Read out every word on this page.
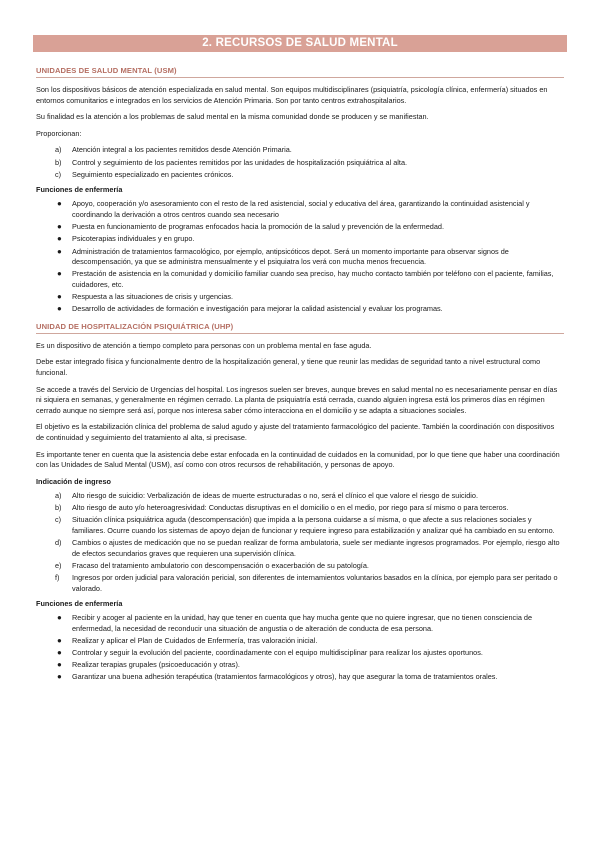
2. RECURSOS DE SALUD MENTAL
UNIDADES DE SALUD MENTAL (USM)

Son los dispositivos básicos de atención especializada en salud mental. Son equipos multidisciplinares (psiquiatría, psicología clínica, enfermería) situados en entornos comunitarios e integrados en los servicios de Atención Primaria. Son por tanto centros extrahospitalarios.

Su finalidad es la atención a los problemas de salud mental en la misma comunidad donde se producen y se manifiestan.

Proporcionan:

a) Atención integral a los pacientes remitidos desde Atención Primaria.
b) Control y seguimiento de los pacientes remitidos por las unidades de hospitalización psiquiátrica al alta.
c) Seguimiento especializado en pacientes crónicos.
Funciones de enfermería
● Apoyo, cooperación y/o asesoramiento con el resto de la red asistencial, social y educativa del área, garantizando la continuidad asistencial y coordinando la derivación a otros centros cuando sea necesario
● Puesta en funcionamiento de programas enfocados hacia la promoción de la salud y prevención de la enfermedad.
● Psicoterapias individuales y en grupo.
● Administración de tratamientos farmacológico, por ejemplo, antipsicóticos depot. Será un momento importante para observar signos de descompensación, ya que se administra mensualmente y el psiquiatra los verá con mucha menos frecuencia.
● Prestación de asistencia en la comunidad y domicilio familiar cuando sea preciso, hay mucho contacto también por teléfono con el paciente, familias, cuidadores, etc.
● Respuesta a las situaciones de crisis y urgencias.
● Desarrollo de actividades de formación e investigación para mejorar la calidad asistencial y evaluar los programas.
UNIDAD DE HOSPITALIZACIÓN PSIQUIÁTRICA (UHP)

Es un dispositivo de atención a tiempo completo para personas con un problema mental en fase aguda.

Debe estar integrado física y funcionalmente dentro de la hospitalización general, y tiene que reunir las medidas de seguridad tanto a nivel estructural como funcional.

Se accede a través del Servicio de Urgencias del hospital. Los ingresos suelen ser breves, aunque breves en salud mental no es necesariamente pensar en días ni siquiera en semanas, y generalmente en régimen cerrado. La planta de psiquiatría está cerrada, cuando alguien ingresa está los primeros días en régimen cerrado aunque no siempre será así, porque nos interesa saber cómo interacciona en el domicilio y se adapta a situaciones sociales.

El objetivo es la estabilización clínica del problema de salud agudo y ajuste del tratamiento farmacológico del paciente. También la coordinación con dispositivos de continuidad y seguimiento del tratamiento al alta, si precisase.

Es importante tener en cuenta que la asistencia debe estar enfocada en la continuidad de cuidados en la comunidad, por lo que tiene que haber una coordinación con las Unidades de Salud Mental (USM), así como con otros recursos de rehabilitación, y personas de apoyo.

Indicación de ingreso
a) Alto riesgo de suicidio: Verbalización de ideas de muerte estructuradas o no, será el clínico el que valore el riesgo de suicidio.
b) Alto riesgo de auto y/o heteroagresividad: Conductas disruptivas en el domicilio o en el medio, por riego para sí mismo o para terceros.
c) Situación clínica psiquiátrica aguda (descompensación) que impida a la persona cuidarse a sí misma, o que afecte a sus relaciones sociales y familiares. Ocurre cuando los sistemas de apoyo dejan de funcionar y requiere ingreso para estabilización y analizar qué ha cambiado en su entorno.
d) Cambios o ajustes de medicación que no se puedan realizar de forma ambulatoria, suele ser mediante ingresos programados. Por ejemplo, riesgo alto de efectos secundarios graves que requieren una supervisión clínica.
e) Fracaso del tratamiento ambulatorio con descompensación o exacerbación de su patología.
f) Ingresos por orden judicial para valoración pericial, son diferentes de internamientos voluntarios basados en la clínica, por ejemplo para ser peritado o valorado.
Funciones de enfermería
● Recibir y acoger al paciente en la unidad, hay que tener en cuenta que hay mucha gente que no quiere ingresar, que no tienen consciencia de enfermedad, la necesidad de reconducir una situación de angustia o de alteración de conducta de esa persona.
● Realizar y aplicar el Plan de Cuidados de Enfermería, tras valoración inicial.
● Controlar y seguir la evolución del paciente, coordinadamente con el equipo multidisciplinar para realizar los ajustes oportunos.
● Realizar terapias grupales (psicoeducación y otras).
● Garantizar una buena adhesión terapéutica (tratamientos farmacológicos y otros), hay que asegurar la toma de tratamientos orales.
